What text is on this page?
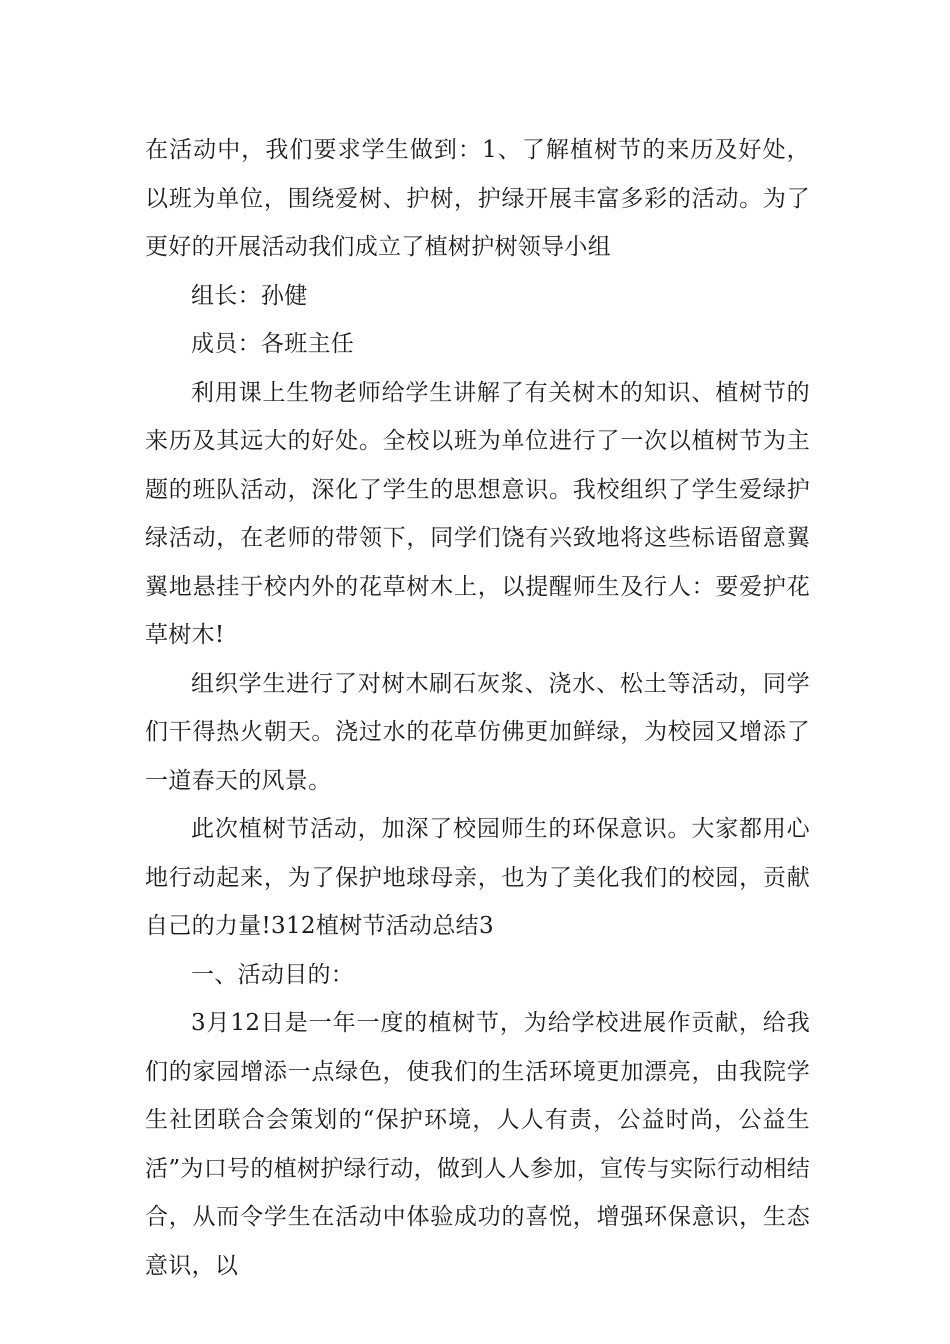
在活动中，我们要求学生做到：1、了解植树节的来历及好处，以班为单位，围绕爱树、护树，护绿开展丰富多彩的活动。为了更好的开展活动我们成立了植树护树领导小组

组长：孙健

成员：各班主任

利用课上生物老师给学生讲解了有关树木的知识、植树节的来历及其远大的好处。全校以班为单位进行了一次以植树节为主题的班队活动，深化了学生的思想意识。我校组织了学生爱绿护绿活动，在老师的带领下，同学们饶有兴致地将这些标语留意翼翼地悬挂于校内外的花草树木上，以提醒师生及行人：要爱护花草树木!

组织学生进行了对树木刷石灰浆、浇水、松土等活动，同学们干得热火朝天。浇过水的花草仿佛更加鲜绿，为校园又增添了一道春天的风景。

此次植树节活动，加深了校园师生的环保意识。大家都用心地行动起来，为了保护地球母亲，也为了美化我们的校园，贡献自己的力量!312植树节活动总结3

一、活动目的：

3月12日是一年一度的植树节，为给学校进展作贡献，给我们的家园增添一点绿色，使我们的生活环境更加漂亮，由我院学生社团联合会策划的“保护环境，人人有责，公益时尚，公益生活”为口号的植树护绿行动，做到人人参加，宣传与实际行动相结合，从而令学生在活动中体验成功的喜悦，增强环保意识，生态意识，以
